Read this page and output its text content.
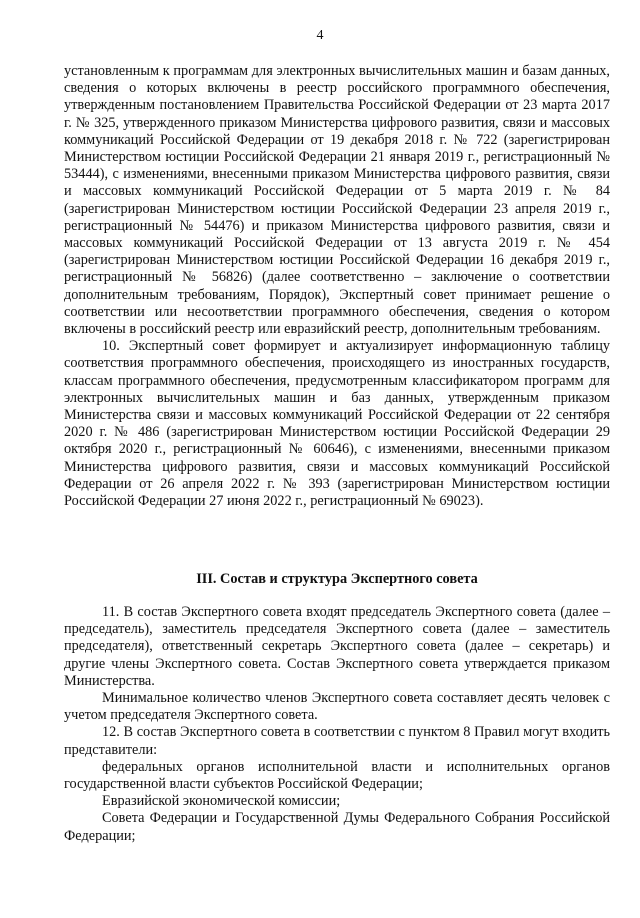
4

установленным к программам для электронных вычислительных машин и базам данных, сведения о которых включены в реестр российского программного обеспечения, утвержденным постановлением Правительства Российской Федерации от 23 марта 2017 г. № 325, утвержденного приказом Министерства цифрового развития, связи и массовых коммуникаций Российской Федерации от 19 декабря 2018 г. № 722 (зарегистрирован Министерством юстиции Российской Федерации 21 января 2019 г., регистрационный № 53444), с изменениями, внесенными приказом Министерства цифрового развития, связи и массовых коммуникаций Российской Федерации от 5 марта 2019 г. № 84 (зарегистрирован Министерством юстиции Российской Федерации 23 апреля 2019 г., регистрационный № 54476) и приказом Министерства цифрового развития, связи и массовых коммуникаций Российской Федерации от 13 августа 2019 г. № 454 (зарегистрирован Министерством юстиции Российской Федерации 16 декабря 2019 г., регистрационный № 56826) (далее соответственно – заключение о соответствии дополнительным требованиям, Порядок), Экспертный совет принимает решение о соответствии или несоответствии программного обеспечения, сведения о котором включены в российский реестр или евразийский реестр, дополнительным требованиям.

10. Экспертный совет формирует и актуализирует информационную таблицу соответствия программного обеспечения, происходящего из иностранных государств, классам программного обеспечения, предусмотренным классификатором программ для электронных вычислительных машин и баз данных, утвержденным приказом Министерства связи и массовых коммуникаций Российской Федерации от 22 сентября 2020 г. № 486 (зарегистрирован Министерством юстиции Российской Федерации 29 октября 2020 г., регистрационный № 60646), с изменениями, внесенными приказом Министерства цифрового развития, связи и массовых коммуникаций Российской Федерации от 26 апреля 2022 г. № 393 (зарегистрирован Министерством юстиции Российской Федерации 27 июня 2022 г., регистрационный № 69023).

III. Состав и структура Экспертного совета

11. В состав Экспертного совета входят председатель Экспертного совета (далее – председатель), заместитель председателя Экспертного совета (далее – заместитель председателя), ответственный секретарь Экспертного совета (далее – секретарь) и другие члены Экспертного совета. Состав Экспертного совета утверждается приказом Министерства.

Минимальное количество членов Экспертного совета составляет десять человек с учетом председателя Экспертного совета.

12. В состав Экспертного совета в соответствии с пунктом 8 Правил могут входить представители:

федеральных органов исполнительной власти и исполнительных органов государственной власти субъектов Российской Федерации;

Евразийской экономической комиссии;

Совета Федерации и Государственной Думы Федерального Собрания Российской Федерации;
